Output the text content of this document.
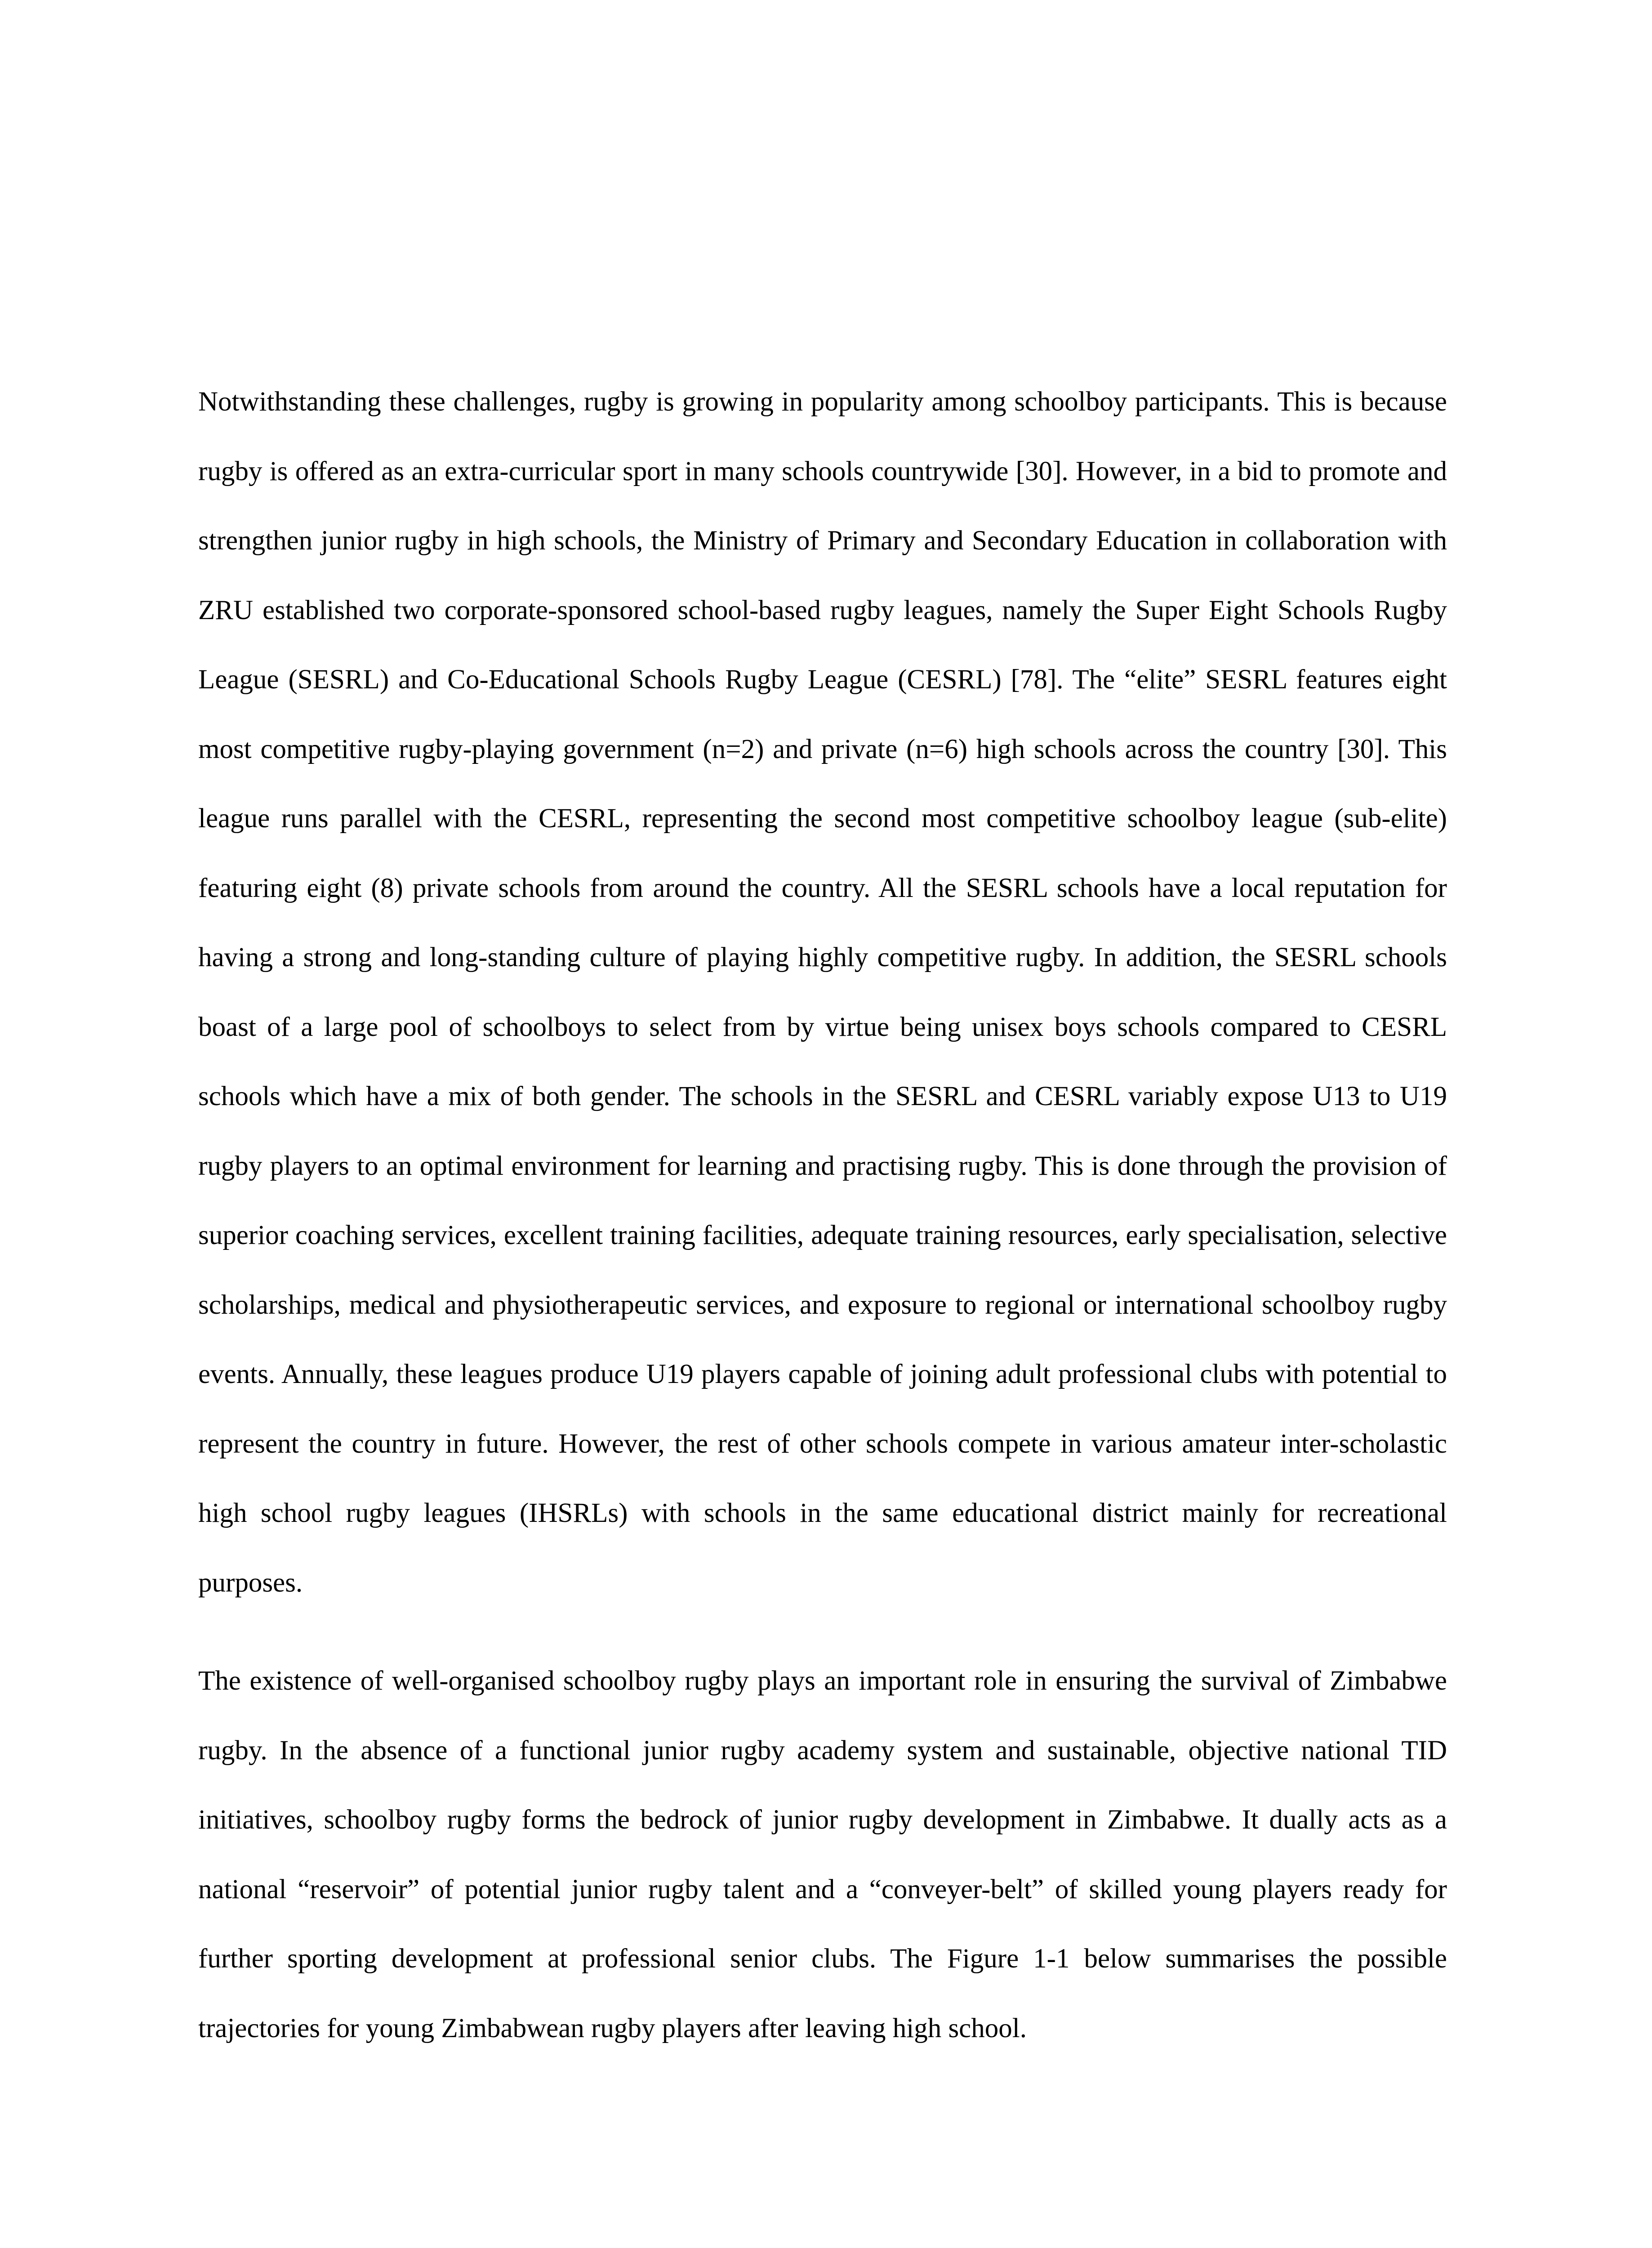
Notwithstanding these challenges, rugby is growing in popularity among schoolboy participants. This is because rugby is offered as an extra-curricular sport in many schools countrywide [30]. However, in a bid to promote and strengthen junior rugby in high schools, the Ministry of Primary and Secondary Education in collaboration with ZRU established two corporate-sponsored school-based rugby leagues, namely the Super Eight Schools Rugby League (SESRL) and Co-Educational Schools Rugby League (CESRL) [78]. The “elite” SESRL features eight most competitive rugby-playing government (n=2) and private (n=6) high schools across the country [30]. This league runs parallel with the CESRL, representing the second most competitive schoolboy league (sub-elite) featuring eight (8) private schools from around the country. All the SESRL schools have a local reputation for having a strong and long-standing culture of playing highly competitive rugby. In addition, the SESRL schools boast of a large pool of schoolboys to select from by virtue being unisex boys schools compared to CESRL schools which have a mix of both gender. The schools in the SESRL and CESRL variably expose U13 to U19 rugby players to an optimal environment for learning and practising rugby. This is done through the provision of superior coaching services, excellent training facilities, adequate training resources, early specialisation, selective scholarships, medical and physiotherapeutic services, and exposure to regional or international schoolboy rugby events. Annually, these leagues produce U19 players capable of joining adult professional clubs with potential to represent the country in future. However, the rest of other schools compete in various amateur inter-scholastic high school rugby leagues (IHSRLs) with schools in the same educational district mainly for recreational purposes.

The existence of well-organised schoolboy rugby plays an important role in ensuring the survival of Zimbabwe rugby. In the absence of a functional junior rugby academy system and sustainable, objective national TID initiatives, schoolboy rugby forms the bedrock of junior rugby development in Zimbabwe. It dually acts as a national “reservoir” of potential junior rugby talent and a “conveyer-belt” of skilled young players ready for further sporting development at professional senior clubs. The Figure 1-1 below summarises the possible trajectories for young Zimbabwean rugby players after leaving high school.
